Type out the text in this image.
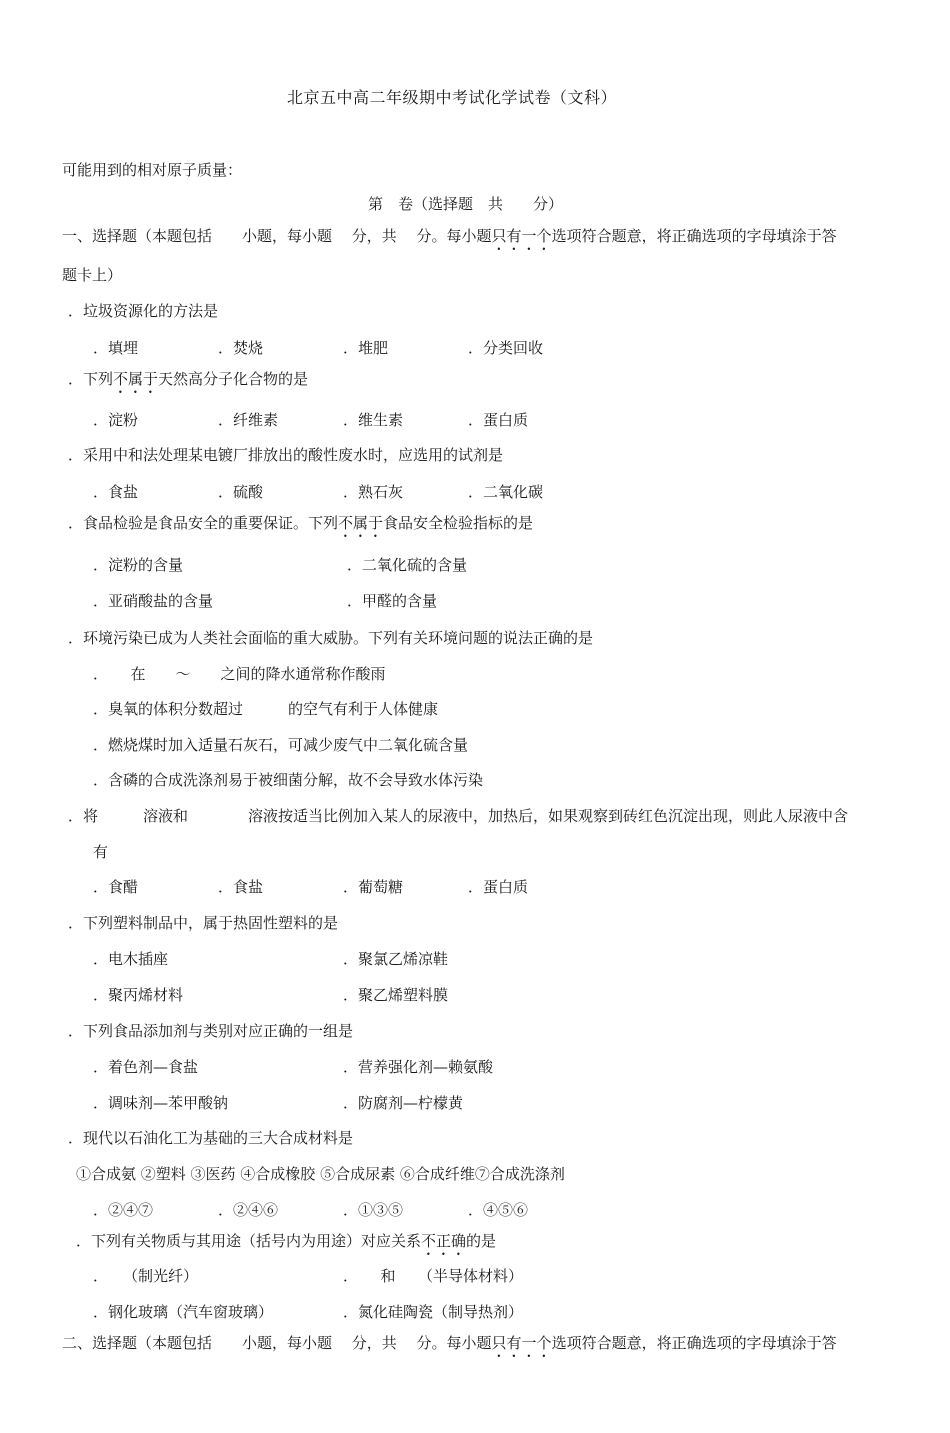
北京五中高二年级期中考试化学试卷（文科）
可能用到的相对原子质量：
第　卷（选择题　共　　分）
一、选择题（本题包括　　小题，每小题　 分，共　 分。每小题只有一个选项符合题意，将正确选项的字母填涂于答
题卡上）
．垃圾资源化的方法是
．填埋	．焚烧	．堆肥	．分类回收
．下列不属于天然高分子化合物的是
．淀粉	．纤维素	．维生素	．蛋白质
．采用中和法处理某电镀厂排放出的酸性废水时，应选用的试剂是
．食盐	．硫酸	．熟石灰	．二氧化碳
．食品检验是食品安全的重要保证。下列不属于食品安全检验指标的是
．淀粉的含量	．二氧化硫的含量
．亚硝酸盐的含量	．甲醛的含量
．环境污染已成为人类社会面临的重大威胁。下列有关环境问题的说法正确的是
．　　在　　～　　之间的降水通常称作酸雨
．臭氧的体积分数超过　　　的空气有利于人体健康
．燃烧煤时加入适量石灰石，可减少废气中二氧化硫含量
．含磷的合成洗涤剂易于被细菌分解，故不会导致水体污染
．将　　　溶液和　　　　溶液按适当比例加入某人的尿液中，加热后，如果观察到砖红色沉淀出现，则此人尿液中含
有
．食醋	．食盐	．葡萄糖	．蛋白质
．下列塑料制品中，属于热固性塑料的是
．电木插座	．聚氯乙烯凉鞋
．聚丙烯材料	．聚乙烯塑料膜
．下列食品添加剂与类别对应正确的一组是
．着色剂—食盐	．营养强化剂—赖氨酸
．调味剂—苯甲酸钠	．防腐剂—柠檬黄
．现代以石油化工为基础的三大合成材料是
①合成氨 ②塑料 ③医药 ④合成橡胶 ⑤合成尿素 ⑥合成纤维⑦合成洗涤剂
．②④⑦	．②④⑥	．①③⑤	．④⑤⑥
．下列有关物质与其用途（括号内为用途）对应关系不正确的是
．　　（制光纤）	．　　和　　（半导体材料）
．钢化玻璃（汽车窗玻璃）	．氮化硅陶瓷（制导热剂）
二、选择题（本题包括　　小题，每小题　 分，共　 分。每小题只有一个选项符合题意，将正确选项的字母填涂于答
